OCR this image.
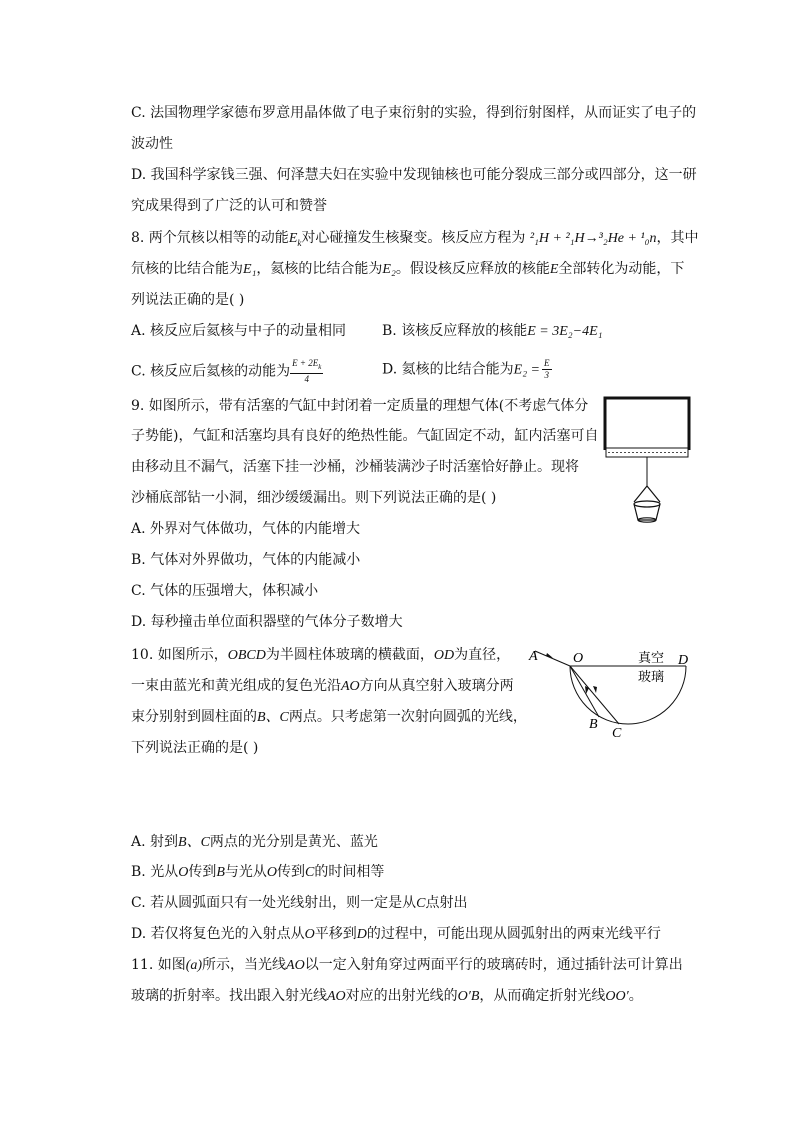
C. 法国物理学家德布罗意用晶体做了电子束衍射的实验，得到衍射图样，从而证实了电子的
波动性
D. 我国科学家钱三强、何泽慧夫妇在实验中发现铀核也可能分裂成三部分或四部分，这一研
究成果得到了广泛的认可和赞誉
8. 两个氘核以相等的动能$E_k$对心碰撞发生核聚变。核反应方程为 ²₁H + ²₁H→³₂He + ¹₀n，其中
氘核的比结合能为E₁，氦核的比结合能为E₂。假设核反应释放的核能E全部转化为动能，下
列说法正确的是( )
A. 核反应后氦核与中子的动量相同	B. 该核反应释放的核能E = 3E₂−4E₁
C. 核反应后氦核的动能为 $\frac{E + 2E_k}{4}$	D. 氦核的比结合能为$E_2 = \frac{E}{3}$
9. 如图所示，带有活塞的气缸中封闭着一定质量的理想气体(不考虑气体分
子势能)，气缸和活塞均具有良好的绝热性能。气缸固定不动，缸内活塞可自
由移动且不漏气，活塞下挂一沙桶，沙桶装满沙子时活塞恰好静止。现将
沙桶底部钻一小洞，细沙缓缓漏出。则下列说法正确的是( )
A. 外界对气体做功，气体的内能增大
B. 气体对外界做功，气体的内能减小
C. 气体的压强增大，体积减小
D. 每秒撞击单位面积器壁的气体分子数增大
10. 如图所示，OBCD为半圆柱体玻璃的横截面，OD为直径，
一束由蓝光和黄光组成的复色光沿AO方向从真空射入玻璃分两
束分别射到圆柱面的B、C两点。只考虑第一次射向圆弧的光线，
下列说法正确的是( )
A	O	D
B
C
真空
玻璃
A. 射到B、C两点的光分别是黄光、蓝光
B. 光从O传到B与光从O传到C的时间相等
C. 若从圆弧面只有一处光线射出，则一定是从C点射出
D. 若仅将复色光的入射点从O平移到D的过程中，可能出现从圆弧射出的两束光线平行
11. 如图(a)所示，当光线AO以一定入射角穿过两面平行的玻璃砖时，通过插针法可计算出
玻璃的折射率。找出跟入射光线AO对应的出射光线的O′B，从而确定折射光线OO′。
